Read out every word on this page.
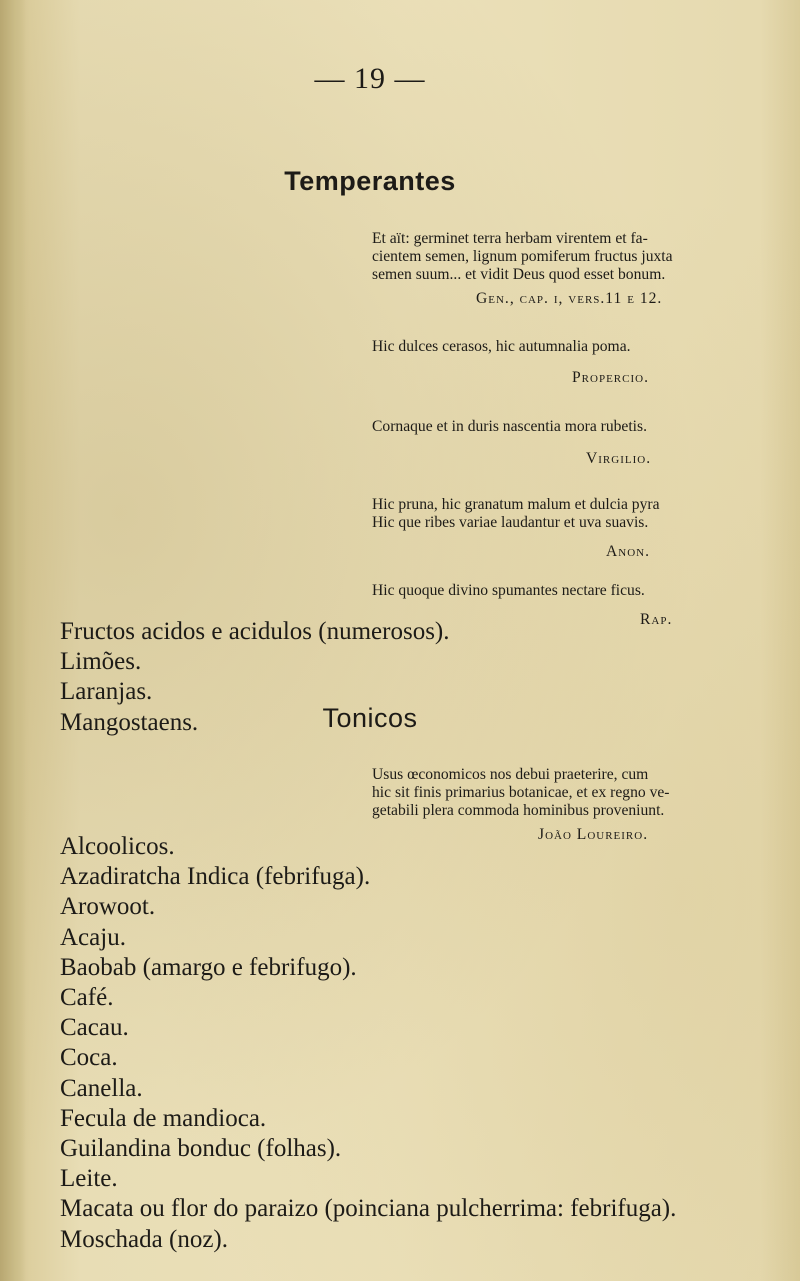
— 19 —
Temperantes
Et aït: germinet terra herbam virentem et fa-
cientem semen, lignum pomiferum fructus juxta
semen suum... et vidit Deus quod esset bonum.
Gen., cap. i, vers.11 e 12.
Hic dulces cerasos, hic autumnalia poma.
Propercio.
Cornaque et in duris nascentia mora rubetis.
Virgilio.
Hic pruna, hic granatum malum et dulcia pyra
Hic que ribes variae laudantur et uva suavis.
Anon.
Hic quoque divino spumantes nectare ficus.
Rap.
Fructos acidos e acidulos (numerosos).
Limões.
Laranjas.
Mangostaens.	Tonicos
Usus œconomicos nos debui praeterire, cum
hic sit finis primarius botanicae, et ex regno ve-
getabili plera commoda hominibus proveniunt.
João Loureiro.
Alcoolicos.
Azadiratcha Indica (febrifuga).
Arowoot.
Acaju.
Baobab (amargo e febrifugo).
Café.
Cacau.
Coca.
Canella.
Fecula de mandioca.
Guilandina bonduc (folhas).
Leite.
Macata ou flor do paraizo (poinciana pulcherrima: febrifuga).
Moschada (noz).
